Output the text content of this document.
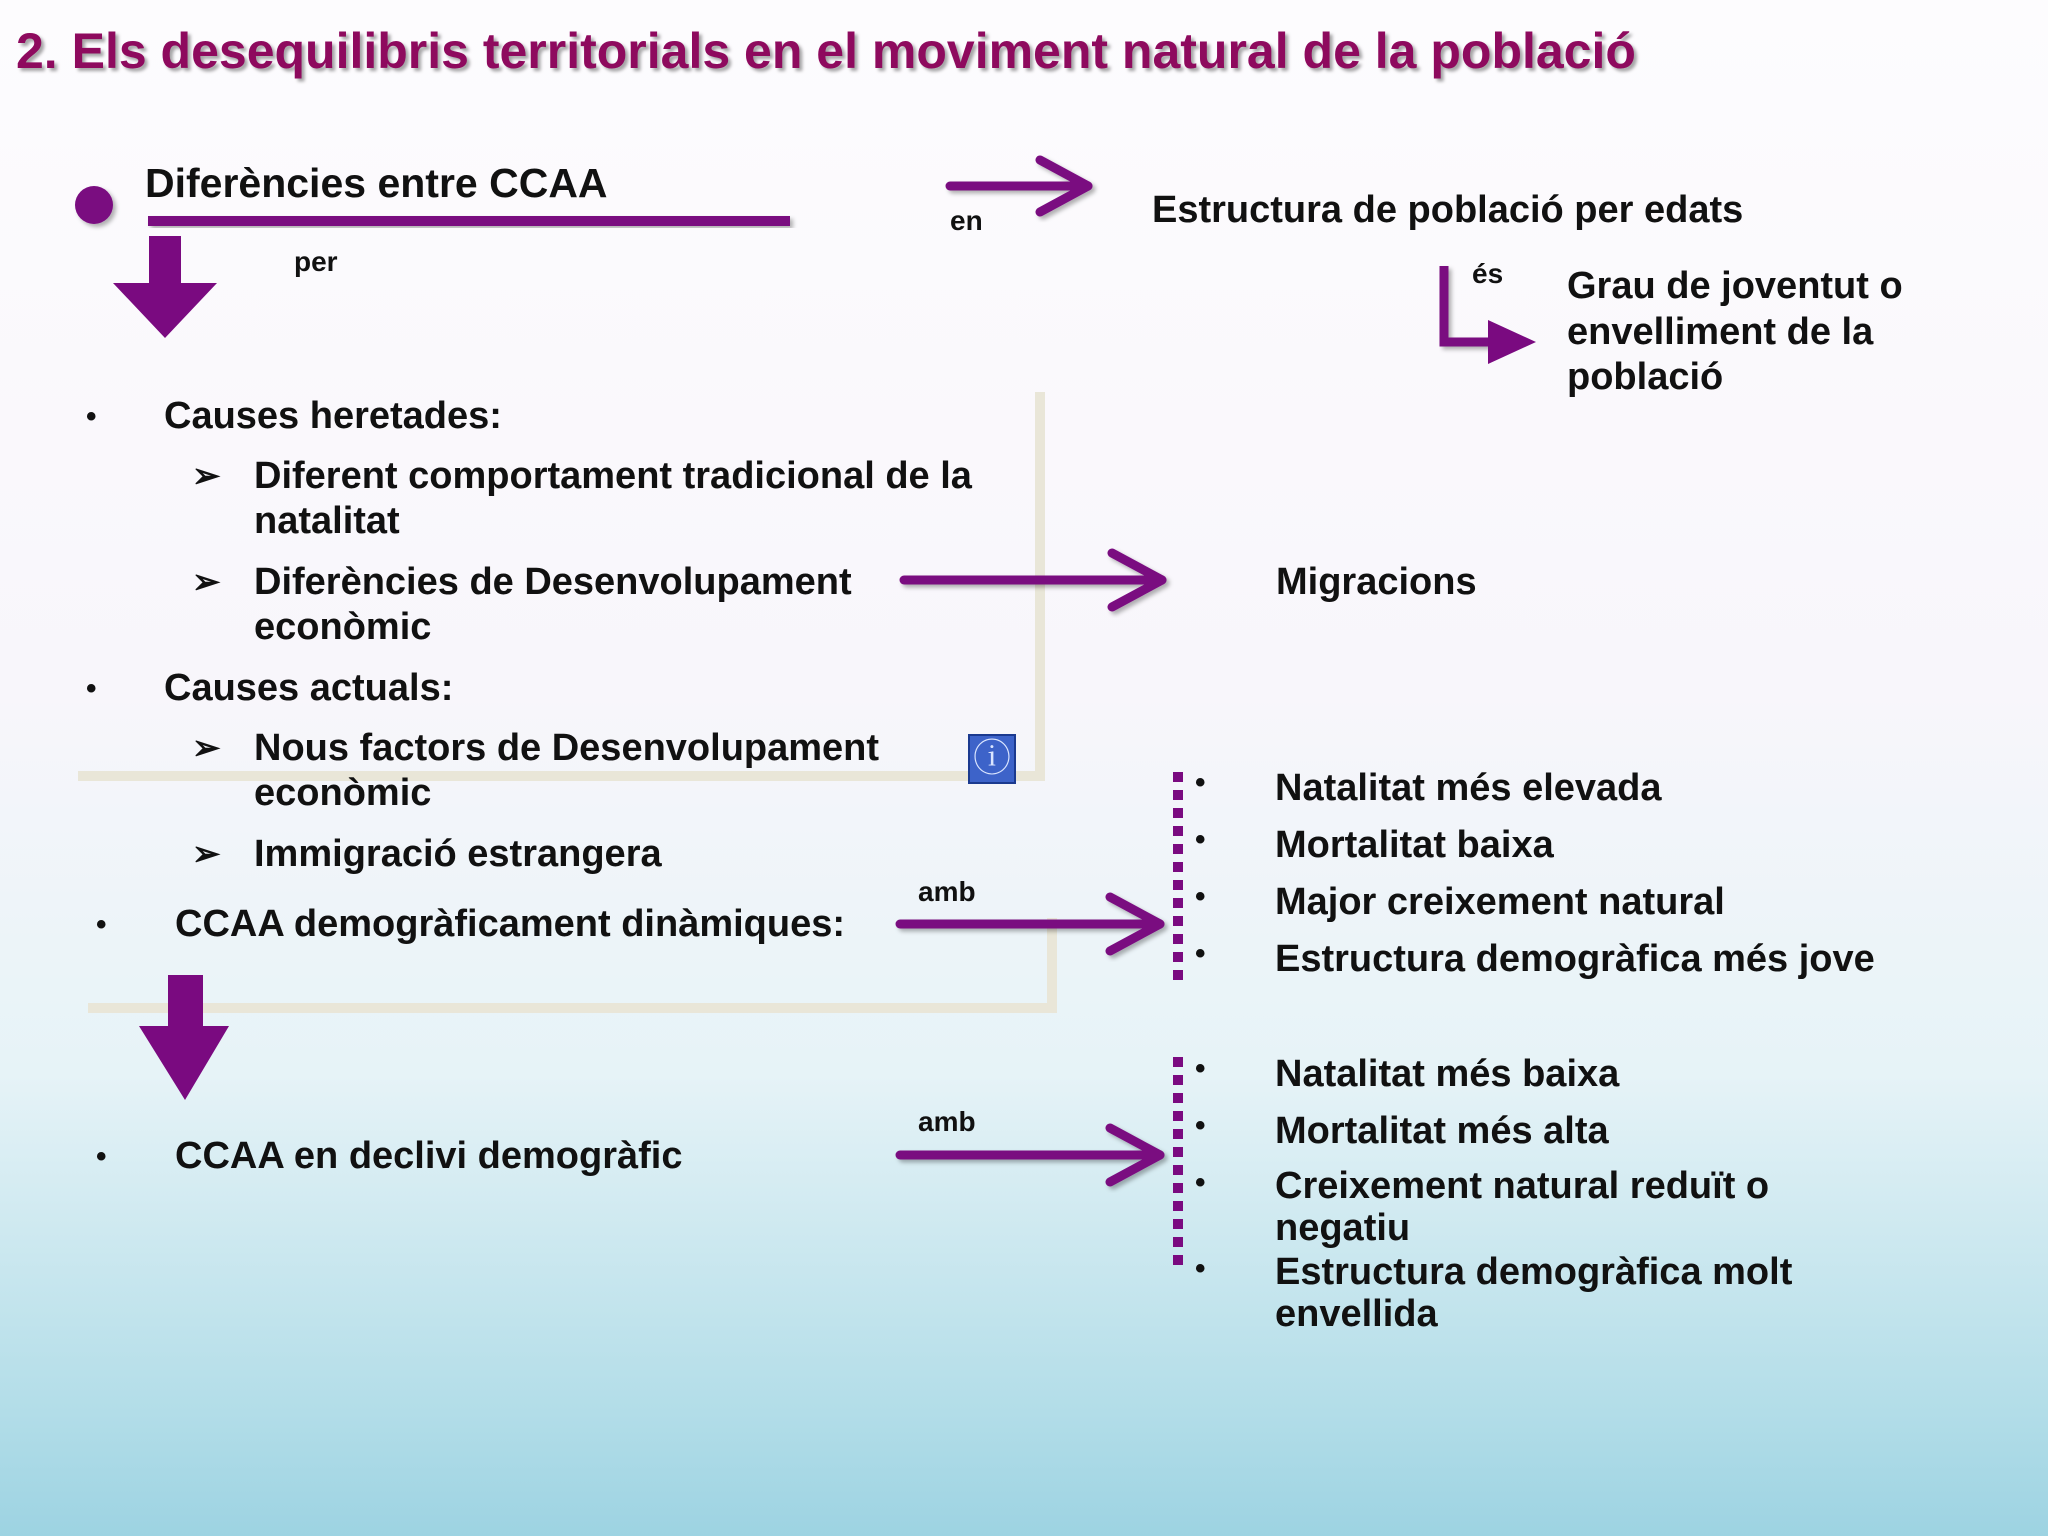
2. Els desequilibris territorials en el moviment natural de la població
Diferències entre CCAA
per
en	Estructura de població per edats
és Grau de joventut o envelliment de la població
• Causes heretades:
➢ Diferent comportament tradicional de la natalitat
➢ Diferències de Desenvolupament econòmic
Migracions
• Causes actuals:
➢ Nous factors de Desenvolupament econòmic
ⓘ
➢ Immigració estrangera
• CCAA demogràficament dinàmiques:
amb
• Natalitat més elevada
• Mortalitat baixa
• Major creixement natural
• Estructura demogràfica més jove
• CCAA en declivi demogràfic
amb
• Natalitat més baixa
• Mortalitat més alta
• Creixement natural reduït o negatiu
• Estructura demogràfica molt envellida
